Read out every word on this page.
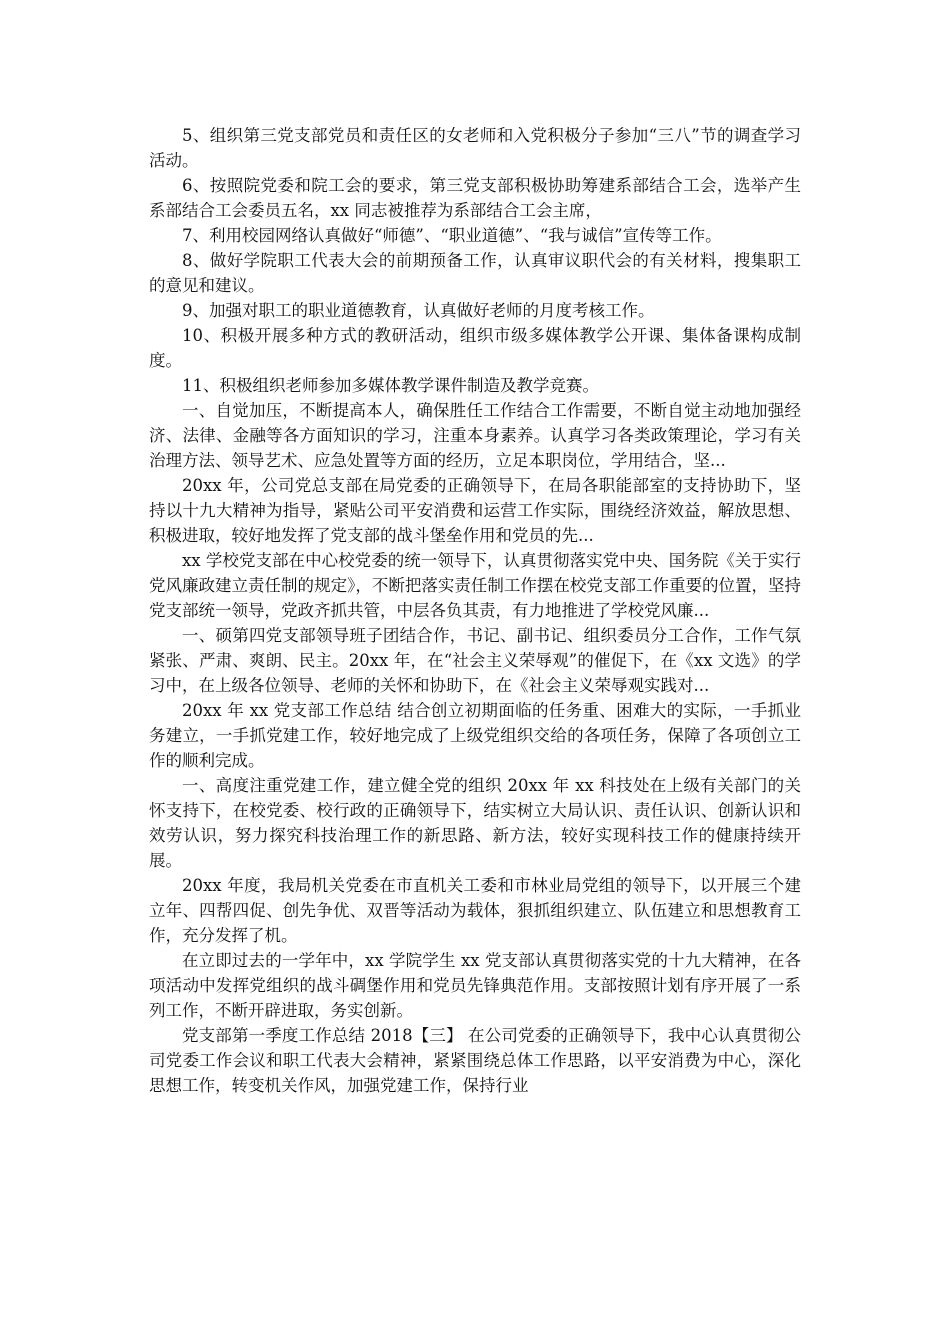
5、组织第三党支部党员和责任区的女老师和入党积极分子参加“三八”节的调查学习活动。

6、按照院党委和院工会的要求，第三党支部积极协助筹建系部结合工会，选举产生系部结合工会委员五名，xx 同志被推荐为系部结合工会主席，

7、利用校园网络认真做好“师德”、“职业道德”、“我与诚信”宣传等工作。

8、做好学院职工代表大会的前期预备工作，认真审议职代会的有关材料，搜集职工的意见和建议。

9、加强对职工的职业道德教育，认真做好老师的月度考核工作。

10、积极开展多种方式的教研活动，组织市级多媒体教学公开课、集体备课构成制度。

11、积极组织老师参加多媒体教学课件制造及教学竞赛。

一、自觉加压，不断提高本人，确保胜任工作结合工作需要，不断自觉主动地加强经济、法律、金融等各方面知识的学习，注重本身素养。认真学习各类政策理论，学习有关治理方法、领导艺术、应急处置等方面的经历，立足本职岗位，学用结合，坚...

20xx 年，公司党总支部在局党委的正确领导下，在局各职能部室的支持协助下，坚持以十九大精神为指导，紧贴公司平安消费和运营工作实际，围绕经济效益，解放思想、积极进取，较好地发挥了党支部的战斗堡垒作用和党员的先...

xx 学校党支部在中心校党委的统一领导下，认真贯彻落实党中央、国务院《关于实行党风廉政建立责任制的规定》，不断把落实责任制工作摆在校党支部工作重要的位置，坚持党支部统一领导，党政齐抓共管，中层各负其责，有力地推进了学校党风廉...

一、硕第四党支部领导班子团结合作，书记、副书记、组织委员分工合作，工作气氛紧张、严肃、爽朗、民主。20xx 年，在“社会主义荣辱观”的催促下，在《xx 文选》的学习中，在上级各位领导、老师的关怀和协助下，在《社会主义荣辱观实践对...

20xx 年 xx 党支部工作总结 结合创立初期面临的任务重、困难大的实际，一手抓业务建立，一手抓党建工作，较好地完成了上级党组织交给的各项任务，保障了各项创立工作的顺利完成。

一、高度注重党建工作，建立健全党的组织 20xx 年 xx 科技处在上级有关部门的关怀支持下，在校党委、校行政的正确领导下，结实树立大局认识、责任认识、创新认识和效劳认识，努力探究科技治理工作的新思路、新方法，较好实现科技工作的健康持续开展。

20xx 年度，我局机关党委在市直机关工委和市林业局党组的领导下，以开展三个建立年、四帮四促、创先争优、双晋等活动为载体，狠抓组织建立、队伍建立和思想教育工作，充分发挥了机。

在立即过去的一学年中，xx 学院学生 xx 党支部认真贯彻落实党的十九大精神，在各项活动中发挥党组织的战斗碉堡作用和党员先锋典范作用。支部按照计划有序开展了一系列工作，不断开辟进取，务实创新。

党支部第一季度工作总结 2018【三】 在公司党委的正确领导下，我中心认真贯彻公司党委工作会议和职工代表大会精神，紧紧围绕总体工作思路，以平安消费为中心，深化思想工作，转变机关作风，加强党建工作，保持行业
